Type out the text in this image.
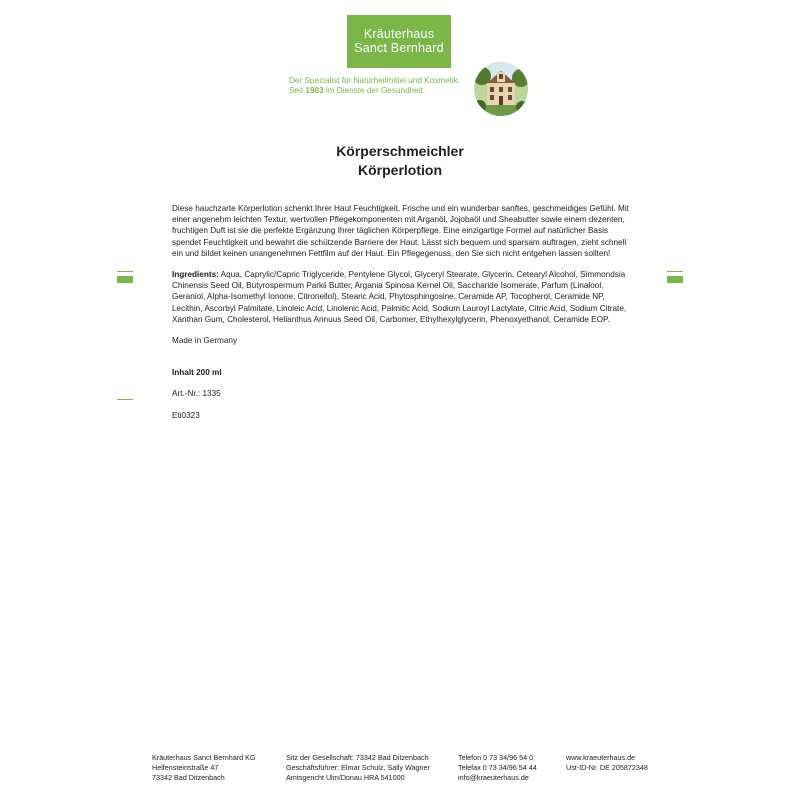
Kräuterhaus
Sanct Bernhard
Der Spezialist für Naturheilmittel und Kosmetik.
Seit 1903 im Dienste der Gesundheit.
Körperschmeichler
Körperlotion

Diese hauchzarte Körperlotion schenkt Ihrer Haut Feuchtigkeit, Frische und ein wunderbar sanftes, geschmeidiges Gefühl. Mit einer angenehm leichten Textur, wertvollen Pflegekomponenten mit Arganöl, Jojobaöl und Sheabutter sowie einem dezenten, fruchtigen Duft ist sie die perfekte Ergänzung Ihrer täglichen Körperpflege. Eine einzigartige Formel auf natürlicher Basis spendet Feuchtigkeit und bewahrt die schützende Barriere der Haut. Lässt sich bequem und sparsam auftragen, zieht schnell ein und bildet keinen unangenehmen Fettfilm auf der Haut. Ein Pflegegenuss, den Sie sich nicht entgehen lassen sollten!

Ingredients: Aqua, Caprylic/Capric Triglyceride, Pentylene Glycol, Glyceryl Stearate, Glycerin, Cetearyl Alcohol, Simmondsia Chinensis Seed Oil, Butyrospermum Parkii Butter, Argania Spinosa Kernel Oil, Saccharide Isomerate, Parfum (Linalool, Geraniol, Alpha-Isomethyl Ionone, Citronellol), Stearic Acid, Phytosphingosine, Ceramide AP, Tocopherol, Ceramide NP, Lecithin, Ascorbyl Palmitate, Linoleic Acid, Linolenic Acid, Palmitic Acid, Sodium Lauroyl Lactylate, Citric Acid, Sodium Citrate, Xanthan Gum, Cholesterol, Helianthus Annuus Seed Oil, Carbomer, Ethylhexylglycerin, Phenoxyethanol, Ceramide EOP.

Made in Germany

Inhalt 200 ml

Art.-Nr.: 1335

Eti0323

Kräuterhaus Sanct Bernhard KG
Helfensteinstraße 47
73342 Bad Ditzenbach
Sitz der Gesellschaft: 73342 Bad Ditzenbach
Geschäftsführer: Elmar Schulz, Sally Wagner
Amtsgericht Ulm/Donau HRA 541000
Telefon 0 73 34/96 54 0
Telefax 0 73 34/96 54 44
info@kraeuterhaus.de
www.kraeuterhaus.de
Ust-ID-Nr. DE 205872348
